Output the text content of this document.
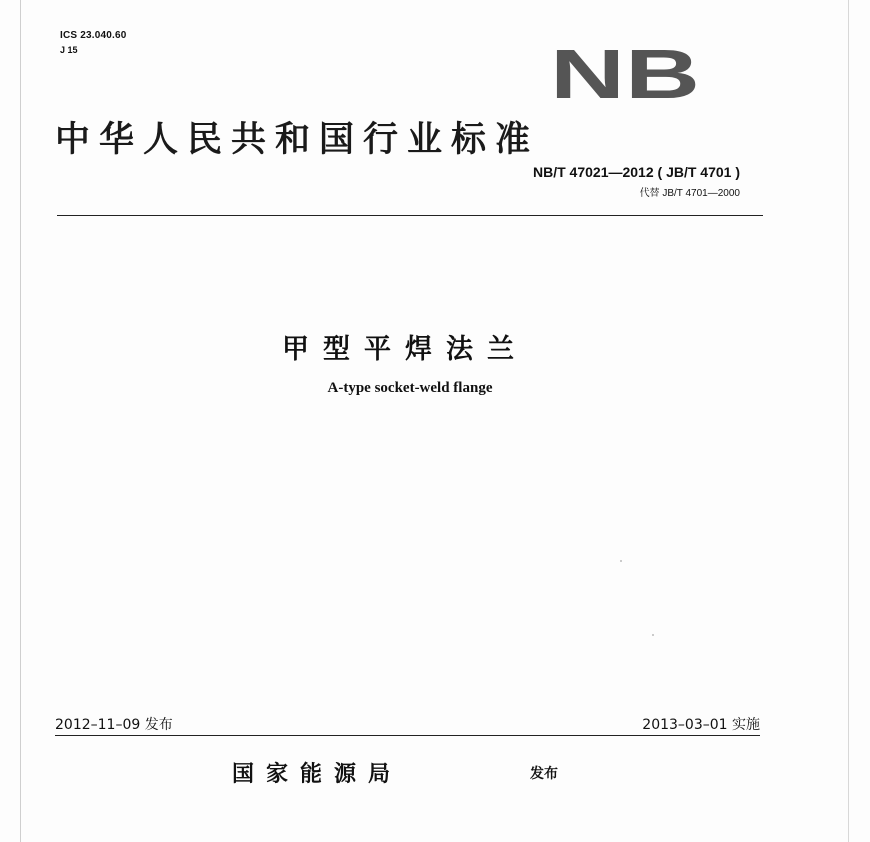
ICS 23.040.60
J 15	NB
中华人民共和国行业标准
NB/T 47021—2012 ( JB/T 4701 )
代替 JB/T 4701—2000
甲型平焊法兰
A-type socket-weld flange
2012–11–09 发布	2013–03–01 实施
国家能源局	发布
